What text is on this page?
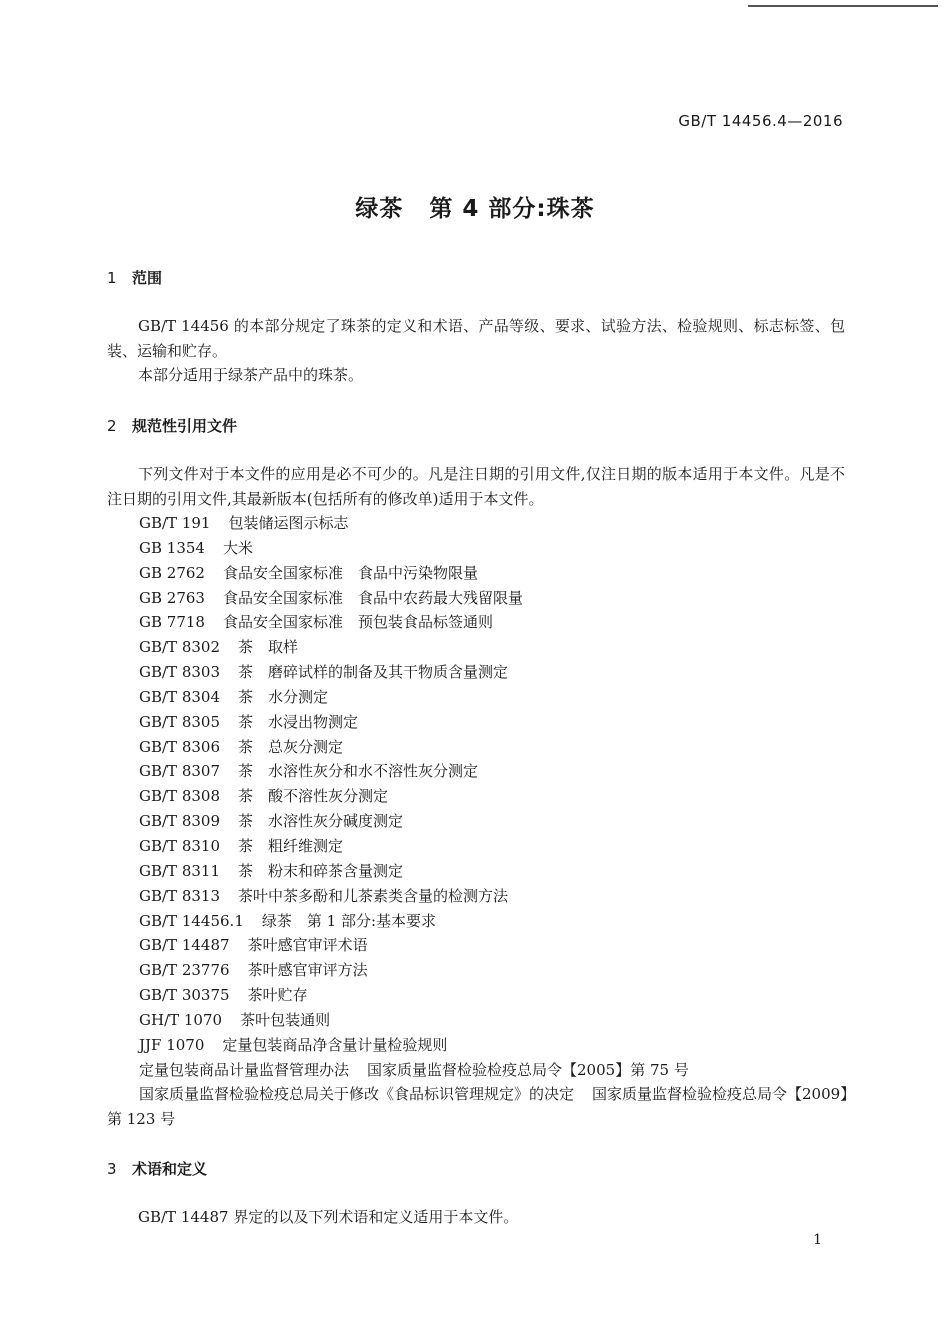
GB/T 14456.4—2016
绿茶 第 4 部分:珠茶
1 范围
GB/T 14456 的本部分规定了珠茶的定义和术语、产品等级、要求、试验方法、检验规则、标志标签、包装、运输和贮存。
本部分适用于绿茶产品中的珠茶。
2 规范性引用文件
下列文件对于本文件的应用是必不可少的。凡是注日期的引用文件,仅注日期的版本适用于本文件。凡是不注日期的引用文件,其最新版本(包括所有的修改单)适用于本文件。
GB/T 191 包装储运图示标志
GB 1354 大米
GB 2762 食品安全国家标准　食品中污染物限量
GB 2763 食品安全国家标准　食品中农药最大残留限量
GB 7718 食品安全国家标准　预包装食品标签通则
GB/T 8302 茶　取样
GB/T 8303 茶　磨碎试样的制备及其干物质含量测定
GB/T 8304 茶　水分测定
GB/T 8305 茶　水浸出物测定
GB/T 8306 茶　总灰分测定
GB/T 8307 茶　水溶性灰分和水不溶性灰分测定
GB/T 8308 茶　酸不溶性灰分测定
GB/T 8309 茶　水溶性灰分碱度测定
GB/T 8310 茶　粗纤维测定
GB/T 8311 茶　粉末和碎茶含量测定
GB/T 8313 茶叶中茶多酚和儿茶素类含量的检测方法
GB/T 14456.1 绿茶　第 1 部分:基本要求
GB/T 14487 茶叶感官审评术语
GB/T 23776 茶叶感官审评方法
GB/T 30375 茶叶贮存
GH/T 1070 茶叶包装通则
JJF 1070 定量包装商品净含量计量检验规则
定量包装商品计量监督管理办法 国家质量监督检验检疫总局令【2005】第 75 号
国家质量监督检验检疫总局关于修改《食品标识管理规定》的决定 国家质量监督检验检疫总局令【2009】第 123 号
3 术语和定义
GB/T 14487 界定的以及下列术语和定义适用于本文件。
1
